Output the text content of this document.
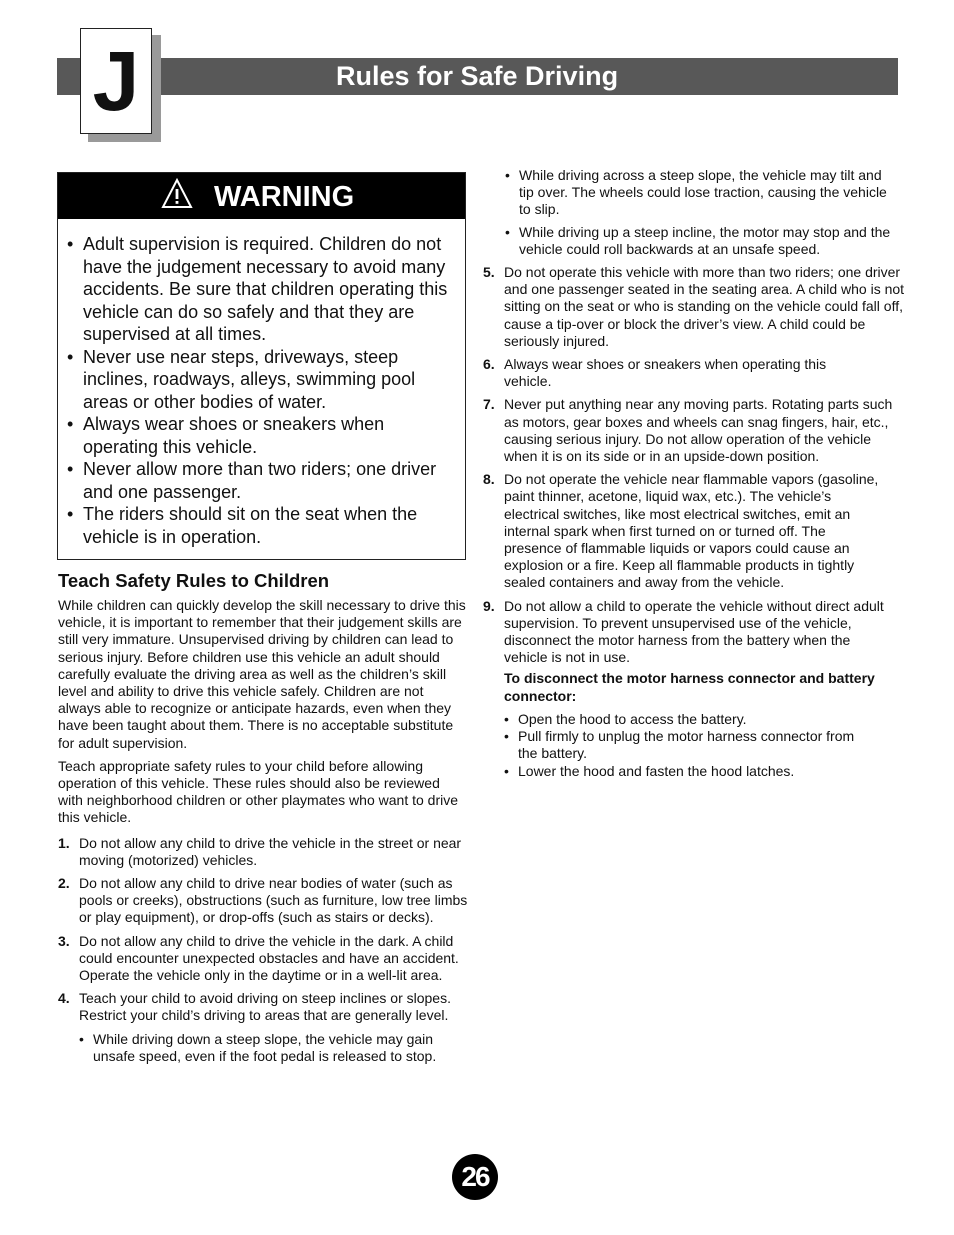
Rules for Safe Driving
J
WARNING
• Adult supervision is required. Children do not have the judgement necessary to avoid many accidents. Be sure that children operating this vehicle can do so safely and that they are supervised at all times.
• Never use near steps, driveways, steep inclines, roadways, alleys, swimming pool areas or other bodies of water.
• Always wear shoes or sneakers when operating this vehicle.
• Never allow more than two riders; one driver and one passenger.
• The riders should sit on the seat when the vehicle is in operation.
Teach Safety Rules to Children

While children can quickly develop the skill necessary to drive this vehicle, it is important to remember that their judgement skills are still very immature. Unsupervised driving by children can lead to serious injury. Before children use this vehicle an adult should carefully evaluate the driving area as well as the children’s skill level and ability to drive this vehicle safely. Children are not always able to recognize or anticipate hazards, even when they have been taught about them. There is no acceptable substitute for adult supervision.

Teach appropriate safety rules to your child before allowing operation of this vehicle. These rules should also be reviewed with neighborhood children or other playmates who want to drive this vehicle.

1. Do not allow any child to drive the vehicle in the street or near moving (motorized) vehicles.
2. Do not allow any child to drive near bodies of water (such as pools or creeks), obstructions (such as furniture, low tree limbs or play equipment), or drop-offs (such as stairs or decks).
3. Do not allow any child to drive the vehicle in the dark. A child could encounter unexpected obstacles and have an accident. Operate the vehicle only in the daytime or in a well-lit area.
4. Teach your child to avoid driving on steep inclines or slopes. Restrict your child’s driving to areas that are generally level.
• While driving down a steep slope, the vehicle may gain unsafe speed, even if the foot pedal is released to stop.
• While driving across a steep slope, the vehicle may tilt and tip over. The wheels could lose traction, causing the vehicle to slip.
• While driving up a steep incline, the motor may stop and the vehicle could roll backwards at an unsafe speed.
5. Do not operate this vehicle with more than two riders; one driver and one passenger seated in the seating area. A child who is not sitting on the seat or who is standing on the vehicle could fall off, cause a tip-over or block the driver’s view. A child could be seriously injured.
6. Always wear shoes or sneakers when operating this vehicle.
7. Never put anything near any moving parts. Rotating parts such as motors, gear boxes and wheels can snag fingers, hair, etc., causing serious injury. Do not allow operation of the vehicle when it is on its side or in an upside-down position.
8. Do not operate the vehicle near flammable vapors (gasoline, paint thinner, acetone, liquid wax, etc.). The vehicle’s electrical switches, like most electrical switches, emit an internal spark when first turned on or turned off. The presence of flammable liquids or vapors could cause an explosion or a fire. Keep all flammable products in tightly sealed containers and away from the vehicle.
9. Do not allow a child to operate the vehicle without direct adult supervision. To prevent unsupervised use of the vehicle, disconnect the motor harness from the battery when the vehicle is not in use.
To disconnect the motor harness connector and battery connector:
• Open the hood to access the battery.
• Pull firmly to unplug the motor harness connector from the battery.
• Lower the hood and fasten the hood latches.
26
